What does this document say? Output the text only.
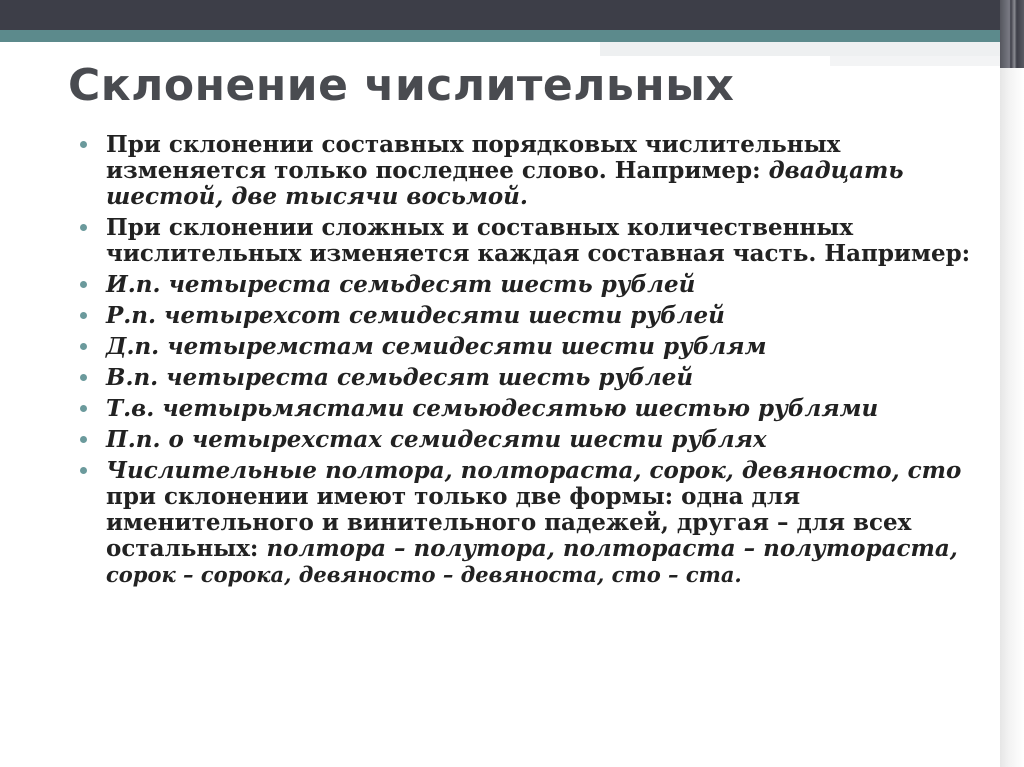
Склонение числительных
При склонении составных порядковых числительных изменяется только последнее слово. Например: двадцать шестой, две тысячи восьмой.
При склонении сложных и составных количественных числительных изменяется каждая составная часть. Например:
И.п. четыреста семьдесят шесть рублей
Р.п. четырехсот семидесяти шести рублей
Д.п. четыремстам семидесяти шести рублям
В.п. четыреста семьдесят шесть рублей
Т.в. четырьмястами семьюдесятью шестью рублями
П.п. о четырехстах семидесяти шести рублях
Числительные полтора, полтораста, сорок, девяносто, сто при склонении имеют только две формы: одна для именительного и винительного падежей, другая – для всех остальных: полтора – полутора, полтораста – полутораста, сорок – сорока, девяносто – девяноста, сто – ста.
